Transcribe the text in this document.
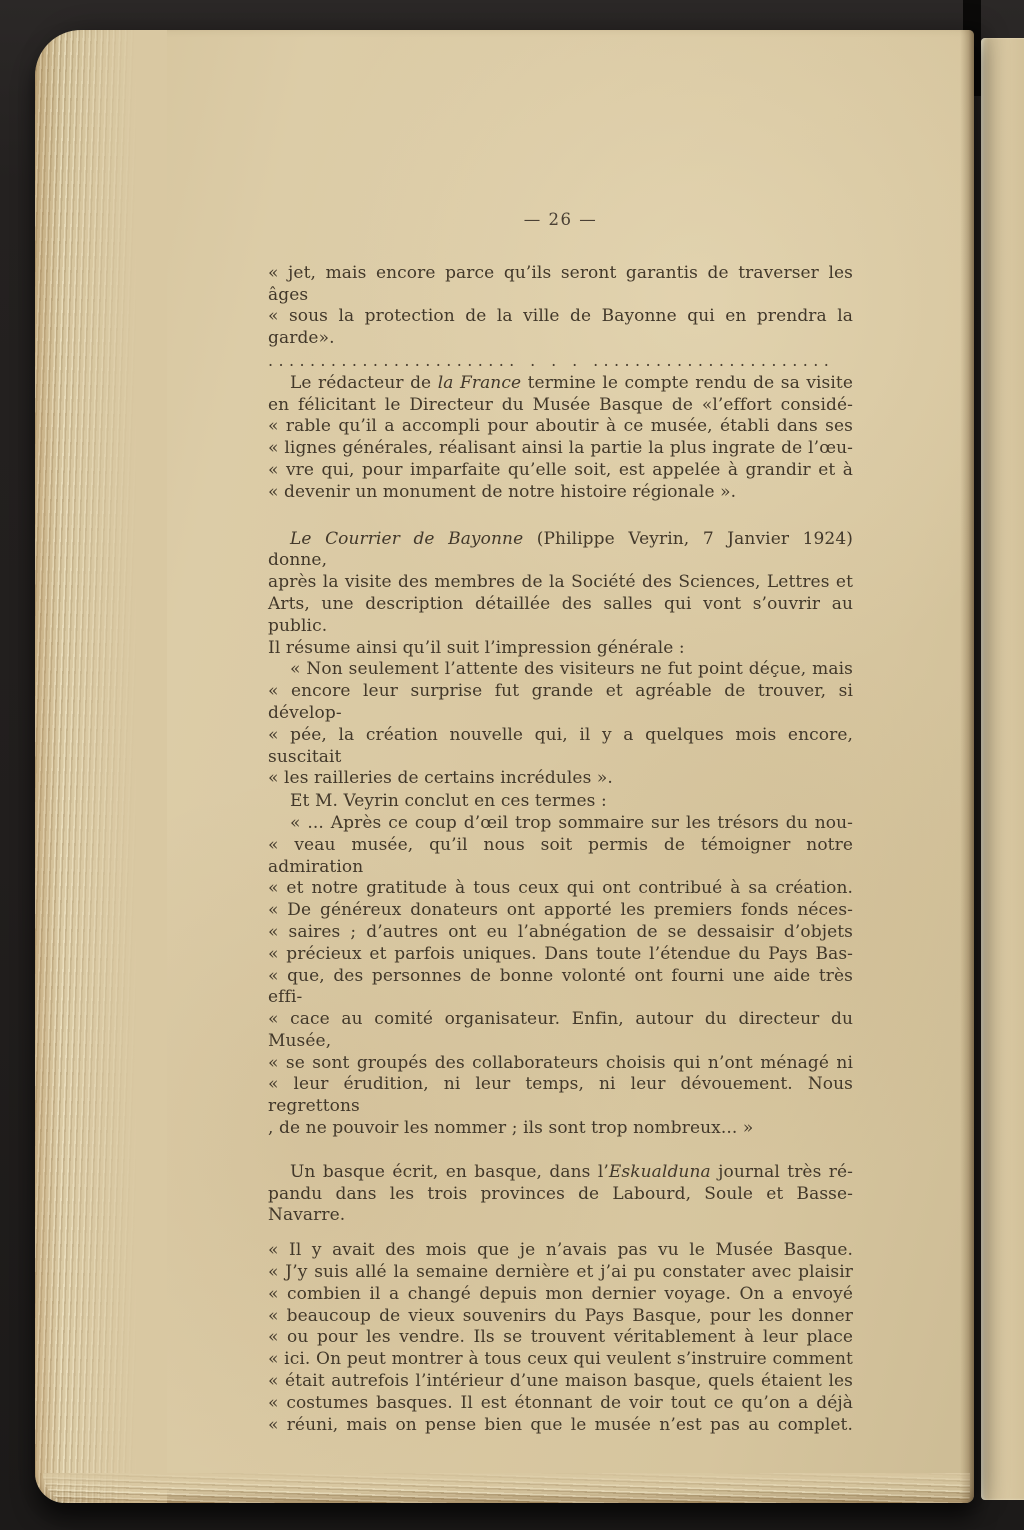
— 26 —

« jet, mais encore parce qu’ils seront garantis de traverser les âges
« sous la protection de la ville de Bayonne qui en prendra la garde».

........................ . . . .......................

Le rédacteur de la France termine le compte rendu de sa visite
en félicitant le Directeur du Musée Basque de «l’effort considé-
« rable qu’il a accompli pour aboutir à ce musée, établi dans ses
« lignes générales, réalisant ainsi la partie la plus ingrate de l’œu-
« vre qui, pour imparfaite qu’elle soit, est appelée à grandir et à
« devenir un monument de notre histoire régionale ».

Le Courrier de Bayonne (Philippe Veyrin, 7 Janvier 1924) donne,
après la visite des membres de la Société des Sciences, Lettres et
Arts, une description détaillée des salles qui vont s’ouvrir au public.
Il résume ainsi qu’il suit l’impression générale :

« Non seulement l’attente des visiteurs ne fut point déçue, mais
« encore leur surprise fut grande et agréable de trouver, si dévelop-
« pée, la création nouvelle qui, il y a quelques mois encore, suscitait
« les railleries de certains incrédules ».

Et M. Veyrin conclut en ces termes :

« ... Après ce coup d’œil trop sommaire sur les trésors du nou-
« veau musée, qu’il nous soit permis de témoigner notre admiration
« et notre gratitude à tous ceux qui ont contribué à sa création.
« De généreux donateurs ont apporté les premiers fonds néces-
« saires ; d’autres ont eu l’abnégation de se dessaisir d’objets
« précieux et parfois uniques. Dans toute l’étendue du Pays Bas-
« que, des personnes de bonne volonté ont fourni une aide très effi-
« cace au comité organisateur. Enfin, autour du directeur du Musée,
« se sont groupés des collaborateurs choisis qui n’ont ménagé ni
« leur érudition, ni leur temps, ni leur dévouement. Nous regrettons
, de ne pouvoir les nommer ; ils sont trop nombreux... »

Un basque écrit, en basque, dans l’Eskualduna journal très ré-
pandu dans les trois provinces de Labourd, Soule et Basse-Navarre.

« Il y avait des mois que je n’avais pas vu le Musée Basque.
« J’y suis allé la semaine dernière et j’ai pu constater avec plaisir
« combien il a changé depuis mon dernier voyage. On a envoyé
« beaucoup de vieux souvenirs du Pays Basque, pour les donner
« ou pour les vendre. Ils se trouvent véritablement à leur place
« ici. On peut montrer à tous ceux qui veulent s’instruire comment
« était autrefois l’intérieur d’une maison basque, quels étaient les
« costumes basques. Il est étonnant de voir tout ce qu’on a déjà
« réuni, mais on pense bien que le musée n’est pas au complet.
